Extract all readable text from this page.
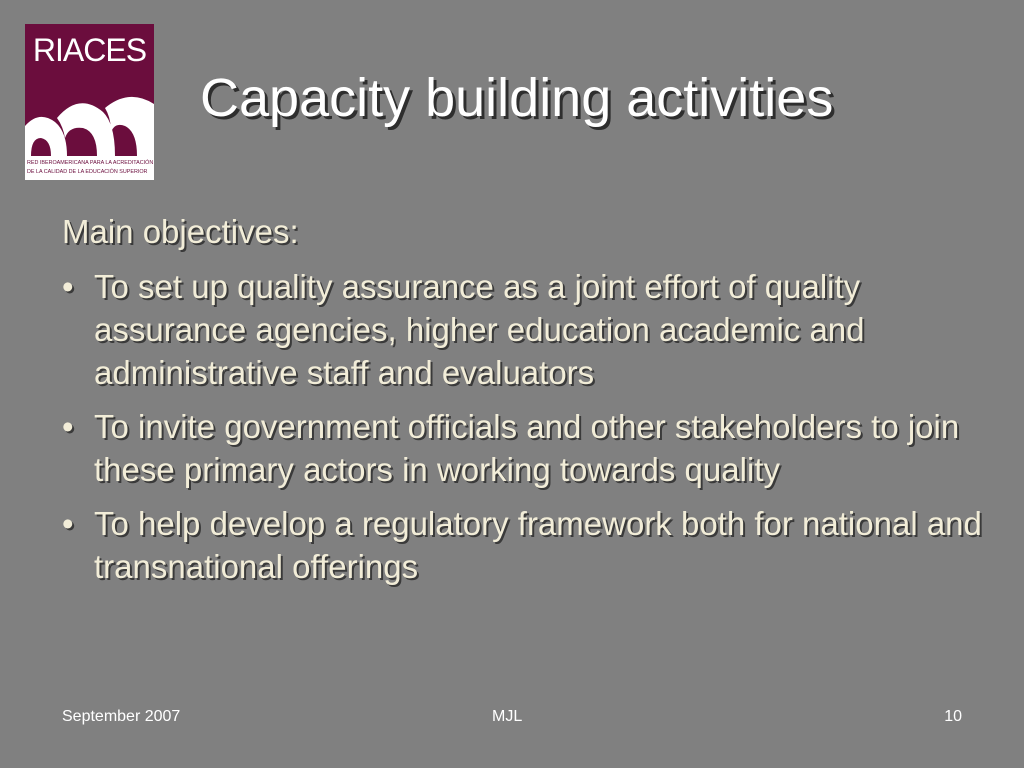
RIACES
RED IBEROAMERICANA PARA LA ACREDITACIÓN
DE LA CALIDAD DE LA EDUCACIÓN SUPERIOR
Capacity building activities

Main objectives:

• To set up quality assurance as a joint effort of quality assurance agencies, higher education academic and administrative staff and evaluators
• To invite government officials and other stakeholders to join these primary actors in working towards quality
• To help develop a regulatory framework both for national and transnational offerings
September 2007	MJL	10
